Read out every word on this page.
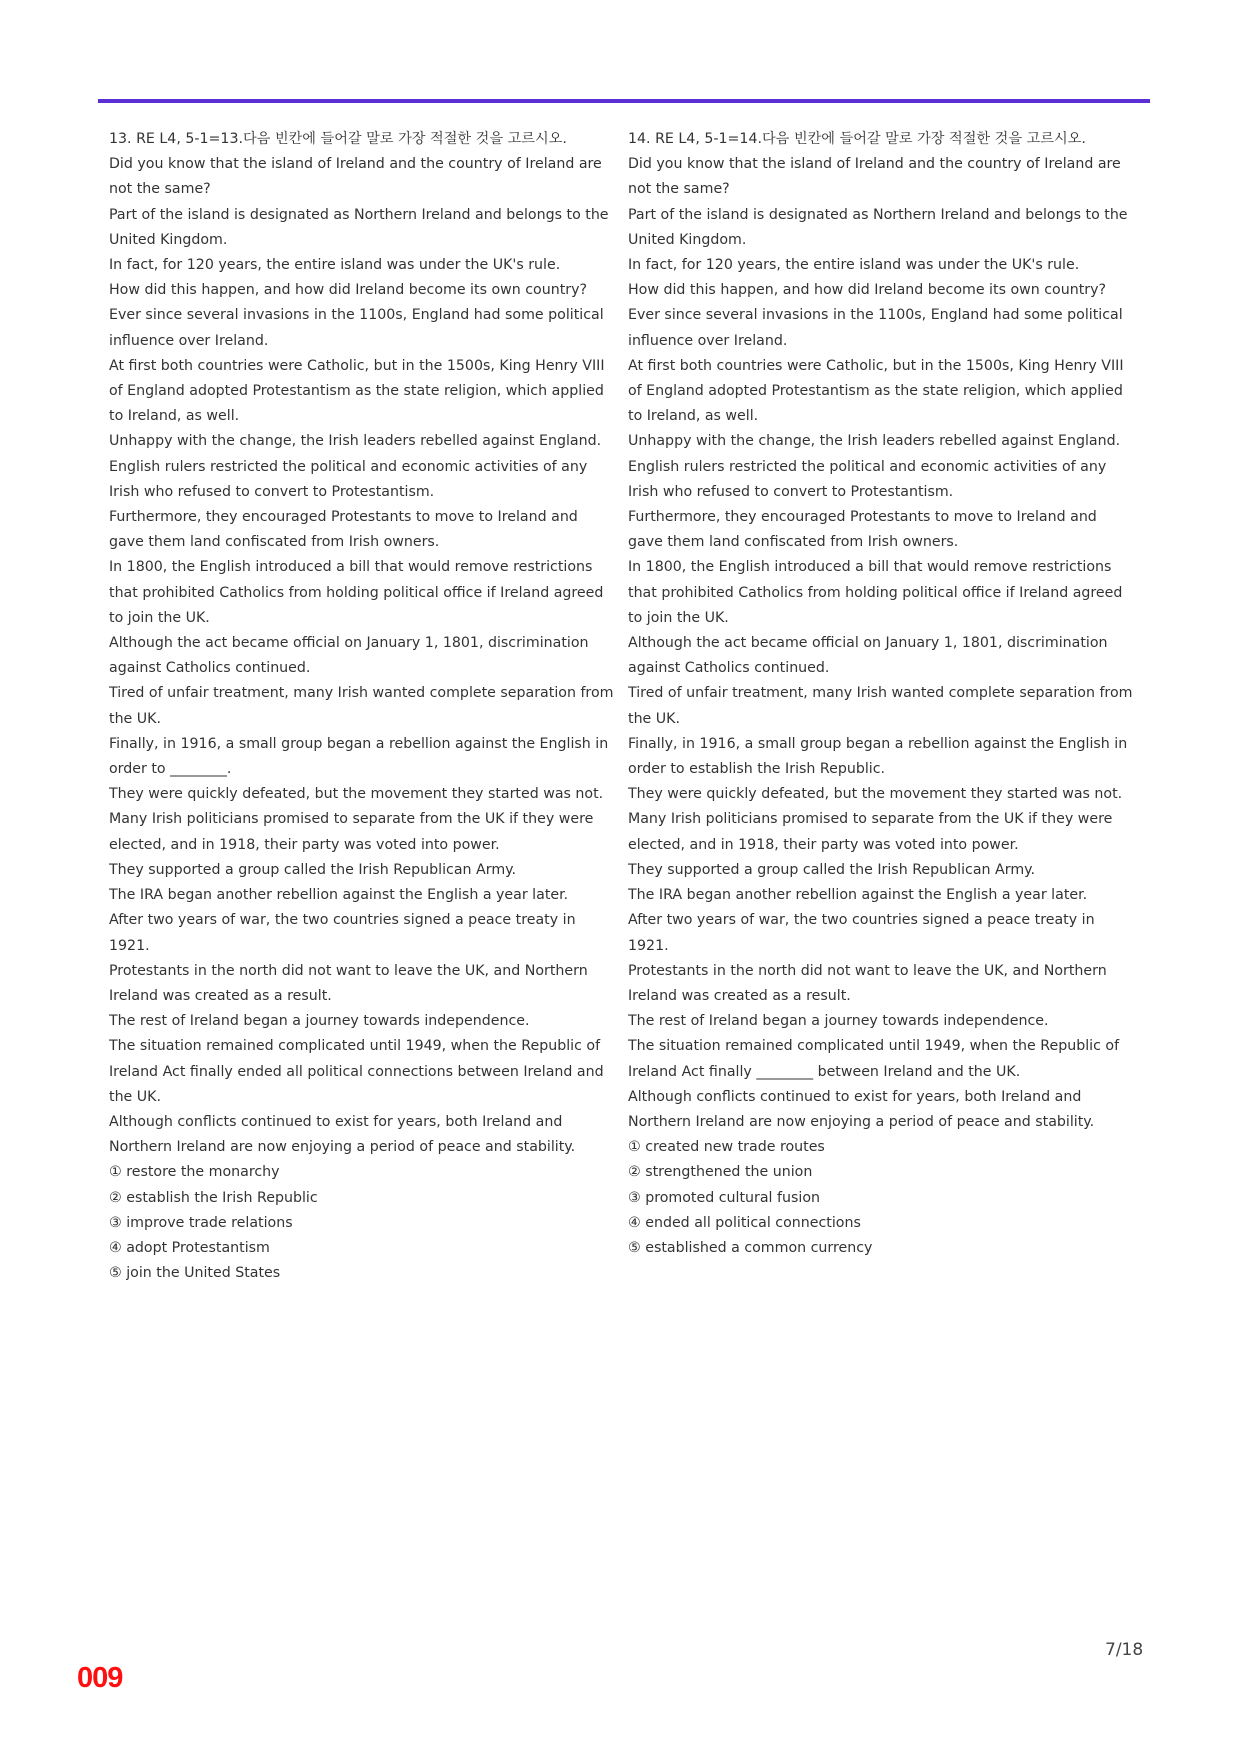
13. RE L4, 5-1=13.다음 빈칸에 들어갈 말로 가장 적절한 것을 고르시오.

Did you know that the island of Ireland and the country of Ireland are not the same?

Part of the island is designated as Northern Ireland and belongs to the United Kingdom.

In fact, for 120 years, the entire island was under the UK's rule.

How did this happen, and how did Ireland become its own country?

Ever since several invasions in the 1100s, England had some political influence over Ireland.

At first both countries were Catholic, but in the 1500s, King Henry VIII of England adopted Protestantism as the state religion, which applied to Ireland, as well.

Unhappy with the change, the Irish leaders rebelled against England.

English rulers restricted the political and economic activities of any Irish who refused to convert to Protestantism.

Furthermore, they encouraged Protestants to move to Ireland and gave them land confiscated from Irish owners.

In 1800, the English introduced a bill that would remove restrictions that prohibited Catholics from holding political office if Ireland agreed to join the UK.

Although the act became official on January 1, 1801, discrimination against Catholics continued.

Tired of unfair treatment, many Irish wanted complete separation from the UK.

Finally, in 1916, a small group began a rebellion against the English in order to ________.

They were quickly defeated, but the movement they started was not.

Many Irish politicians promised to separate from the UK if they were elected, and in 1918, their party was voted into power.

They supported a group called the Irish Republican Army.

The IRA began another rebellion against the English a year later.

After two years of war, the two countries signed a peace treaty in 1921.

Protestants in the north did not want to leave the UK, and Northern Ireland was created as a result.

The rest of Ireland began a journey towards independence.

The situation remained complicated until 1949, when the Republic of Ireland Act finally ended all political connections between Ireland and the UK.

Although conflicts continued to exist for years, both Ireland and Northern Ireland are now enjoying a period of peace and stability.

① restore the monarchy

② establish the Irish Republic

③ improve trade relations

④ adopt Protestantism

⑤ join the United States

14. RE L4, 5-1=14.다음 빈칸에 들어갈 말로 가장 적절한 것을 고르시오.

Did you know that the island of Ireland and the country of Ireland are not the same?

Part of the island is designated as Northern Ireland and belongs to the United Kingdom.

In fact, for 120 years, the entire island was under the UK's rule.

How did this happen, and how did Ireland become its own country?

Ever since several invasions in the 1100s, England had some political influence over Ireland.

At first both countries were Catholic, but in the 1500s, King Henry VIII of England adopted Protestantism as the state religion, which applied to Ireland, as well.

Unhappy with the change, the Irish leaders rebelled against England.

English rulers restricted the political and economic activities of any Irish who refused to convert to Protestantism.

Furthermore, they encouraged Protestants to move to Ireland and gave them land confiscated from Irish owners.

In 1800, the English introduced a bill that would remove restrictions that prohibited Catholics from holding political office if Ireland agreed to join the UK.

Although the act became official on January 1, 1801, discrimination against Catholics continued.

Tired of unfair treatment, many Irish wanted complete separation from the UK.

Finally, in 1916, a small group began a rebellion against the English in order to establish the Irish Republic.

They were quickly defeated, but the movement they started was not.

Many Irish politicians promised to separate from the UK if they were elected, and in 1918, their party was voted into power.

They supported a group called the Irish Republican Army.

The IRA began another rebellion against the English a year later.

After two years of war, the two countries signed a peace treaty in 1921.

Protestants in the north did not want to leave the UK, and Northern Ireland was created as a result.

The rest of Ireland began a journey towards independence.

The situation remained complicated until 1949, when the Republic of Ireland Act finally ________ between Ireland and the UK.

Although conflicts continued to exist for years, both Ireland and Northern Ireland are now enjoying a period of peace and stability.

① created new trade routes

② strengthened the union

③ promoted cultural fusion

④ ended all political connections

⑤ established a common currency

7/18
009
